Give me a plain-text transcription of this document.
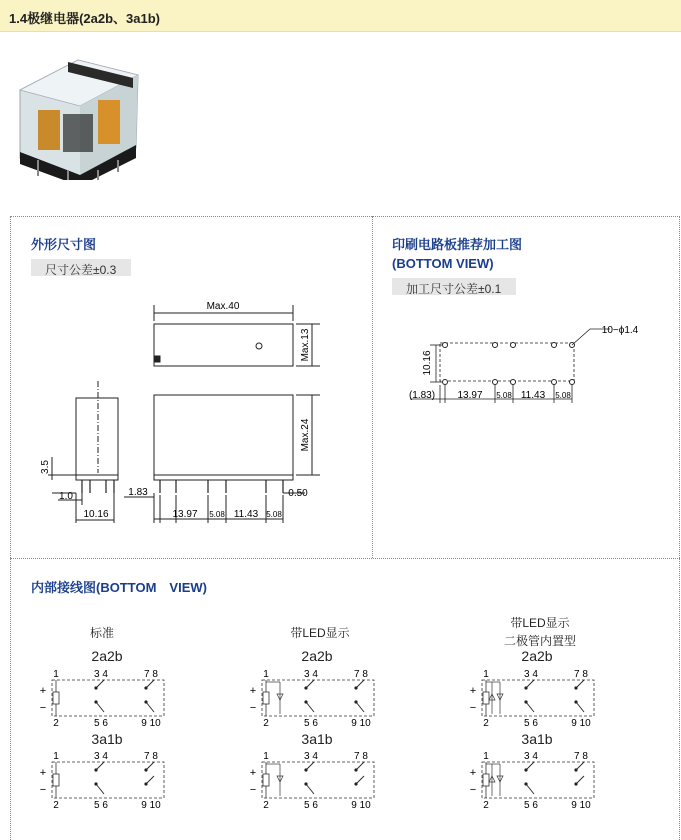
1.4极继电器(2a2b、3a1b)
外形尺寸图
尺寸公差±0.3
Max.40
Max.13
Max.24
3.5
1.0
10.16
1.83
13.97 5.08 11.43 5.08
0.50
印刷电路板推荐加工图
(BOTTOM VIEW)
加工尺寸公差±0.1
10−ϕ1.4
10.16
(1.83) 13.97 5.08 11.43 5.08
内部接线图(BOTTOM　VIEW)
标准	带LED显示
带LED显示
二极管内置型
2a2b	2a2b	2a2b
3a1b	3a1b	3a1b
1	3 4	7 8
2	5 6	9 10
+
−
1	3 4	7 8
2	5 6	9 10
+
−
1	3 4	7 8
2	5 6	9 10
+
−
1	3 4	7 8
2	5 6	9 10
+
−
1	3 4	7 8
2	5 6	9 10
+
−
1	3 4	7 8
2	5 6	9 10
+
−
